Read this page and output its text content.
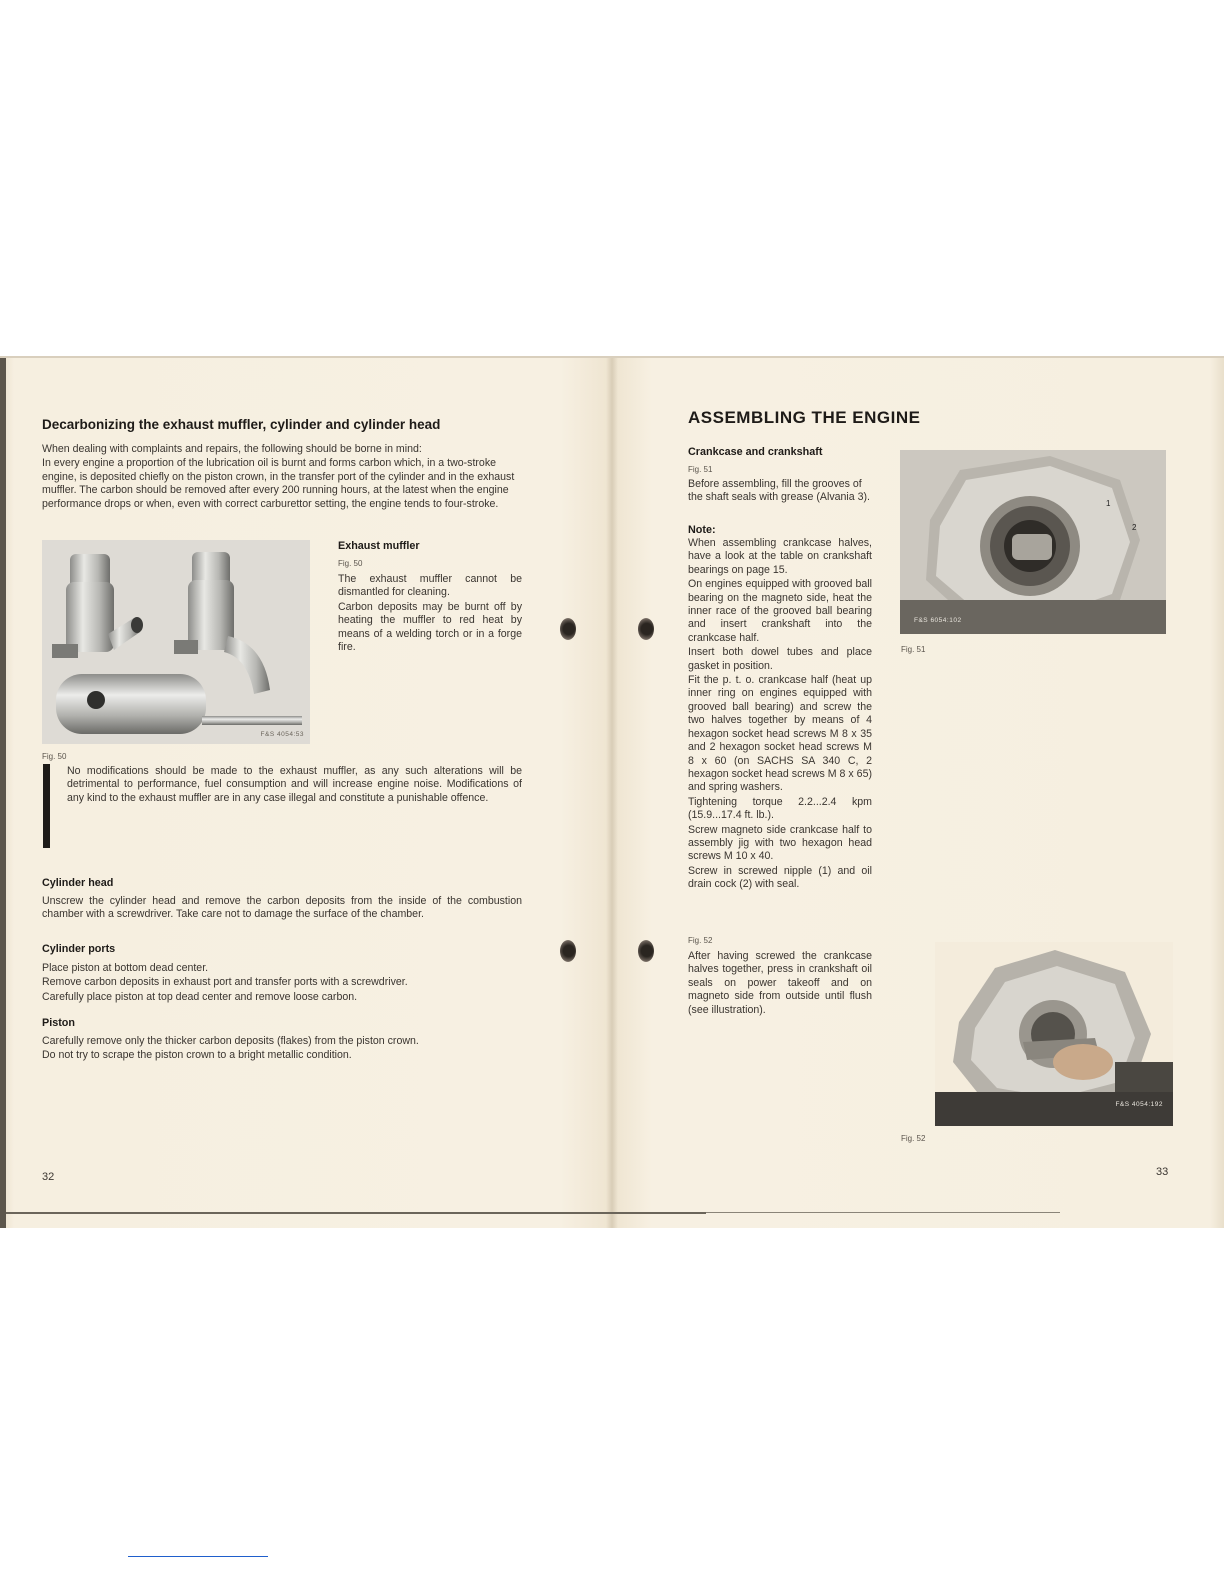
Decarbonizing the exhaust muffler, cylinder and cylinder head

When dealing with complaints and repairs, the following should be borne in mind:

In every engine a proportion of the lubrication oil is burnt and forms carbon which, in a two-stroke engine, is deposited chiefly on the piston crown, in the transfer port of the cylinder and in the exhaust muffler. The carbon should be removed after every 200 running hours, at the latest when the engine performance drops or when, even with correct carburettor setting, the engine tends to four-stroke.

F&S 4054:53
Fig. 50
Exhaust muffler
Fig. 50

The exhaust muffler cannot be dismantled for cleaning.

Carbon deposits may be burnt off by heating the muffler to red heat by means of a welding torch or in a forge fire.

No modifications should be made to the exhaust muffler, as any such alterations will be detrimental to performance, fuel consumption and will increase engine noise. Modifications of any kind to the exhaust muffler are in any case illegal and constitute a punishable offence.
Cylinder head
Unscrew the cylinder head and remove the carbon deposits from the inside of the combustion chamber with a screwdriver. Take care not to damage the surface of the chamber.
Cylinder ports

Place piston at bottom dead center.

Remove carbon deposits in exhaust port and transfer ports with a screwdriver.

Carefully place piston at top dead center and remove loose carbon.

Piston

Carefully remove only the thicker carbon deposits (flakes) from the piston crown.

Do not try to scrape the piston crown to a bright metallic condition.

32
ASSEMBLING THE ENGINE
Crankcase and crankshaft
Fig. 51
Before assembling, fill the grooves of the shaft seals with grease (Alvania 3).
Note:

When assembling crankcase halves, have a look at the table on crankshaft bearings on page 15.

On engines equipped with grooved ball bearing on the magneto side, heat the inner race of the grooved ball bearing and insert crankshaft into the crankcase half.

Insert both dowel tubes and place gasket in position.

Fit the p. t. o. crankcase half (heat up inner ring on engines equipped with grooved ball bearing) and screw the two halves together by means of 4 hexagon socket head screws M 8 x 35 and 2 hexagon socket head screws M 8 x 60 (on SACHS SA 340 C, 2 hexagon socket head screws M 8 x 65) and spring washers.

Tightening torque 2.2...2.4 kpm (15.9...17.4 ft. lb.).

Screw magneto side crankcase half to assembly jig with two hexagon head screws M 10 x 40.

Screw in screwed nipple (1) and oil drain cock (2) with seal.

Fig. 52
After having screwed the crankcase halves together, press in crankshaft oil seals on power takeoff and on magneto side from outside until flush (see illustration).
1
2
F&S 6054:102
Fig. 51
F&S 4054:192
Fig. 52
33
